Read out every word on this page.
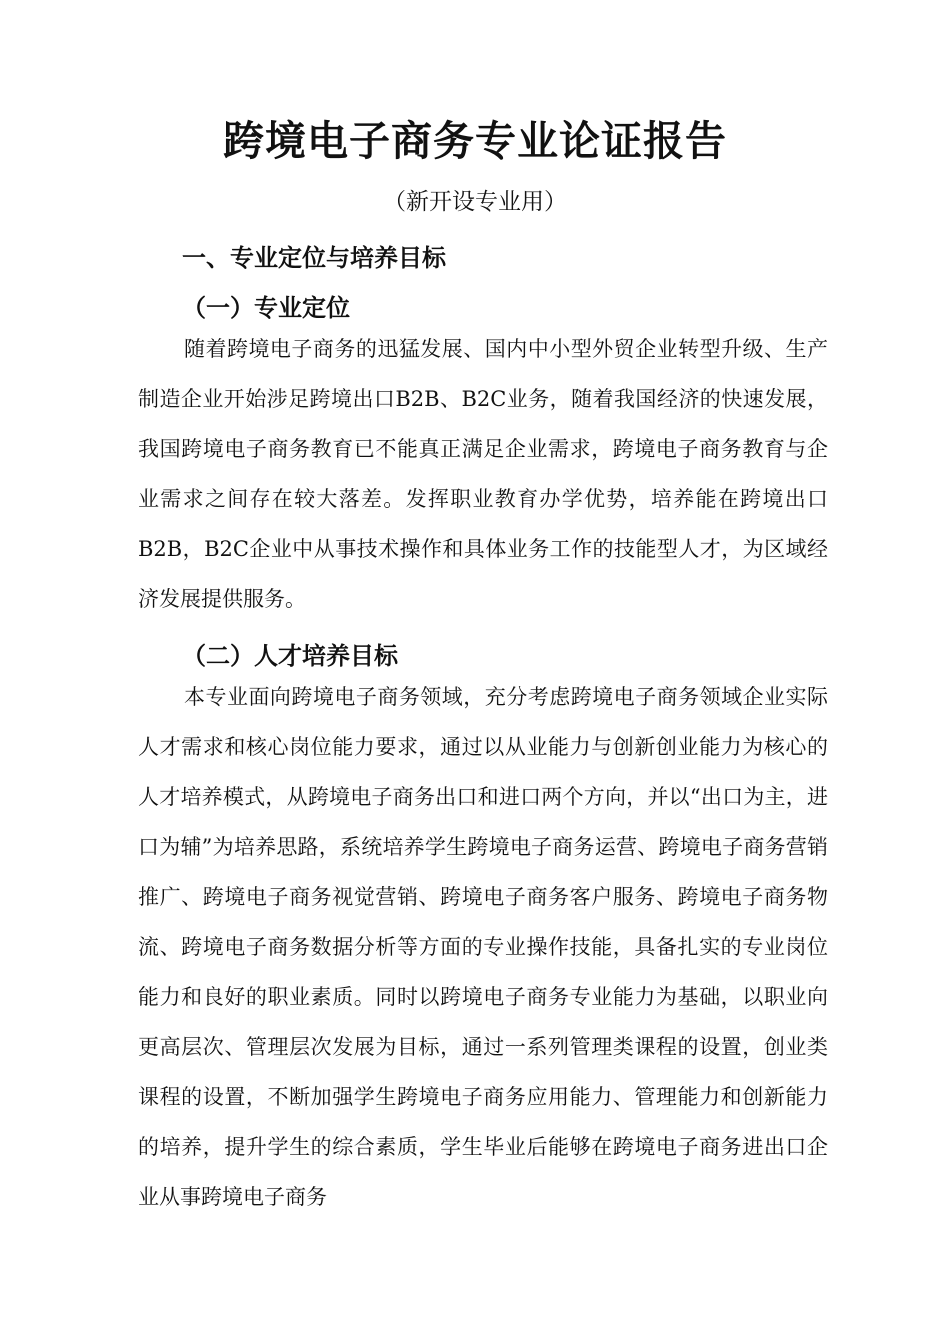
跨境电子商务专业论证报告

（新开设专业用）

一、专业定位与培养目标
（一）专业定位

随着跨境电子商务的迅猛发展、国内中小型外贸企业转型升级、生产制造企业开始涉足跨境出口B2B、B2C业务，随着我国经济的快速发展，我国跨境电子商务教育已不能真正满足企业需求，跨境电子商务教育与企业需求之间存在较大落差。发挥职业教育办学优势，培养能在跨境出口B2B，B2C企业中从事技术操作和具体业务工作的技能型人才，为区域经济发展提供服务。

（二）人才培养目标

本专业面向跨境电子商务领域，充分考虑跨境电子商务领域企业实际人才需求和核心岗位能力要求，通过以从业能力与创新创业能力为核心的人才培养模式，从跨境电子商务出口和进口两个方向，并以“出口为主，进口为辅”为培养思路，系统培养学生跨境电子商务运营、跨境电子商务营销推广、跨境电子商务视觉营销、跨境电子商务客户服务、跨境电子商务物流、跨境电子商务数据分析等方面的专业操作技能，具备扎实的专业岗位能力和良好的职业素质。同时以跨境电子商务专业能力为基础，以职业向更高层次、管理层次发展为目标，通过一系列管理类课程的设置，创业类课程的设置，不断加强学生跨境电子商务应用能力、管理能力和创新能力的培养，提升学生的综合素质，学生毕业后能够在跨境电子商务进出口企业从事跨境电子商务
